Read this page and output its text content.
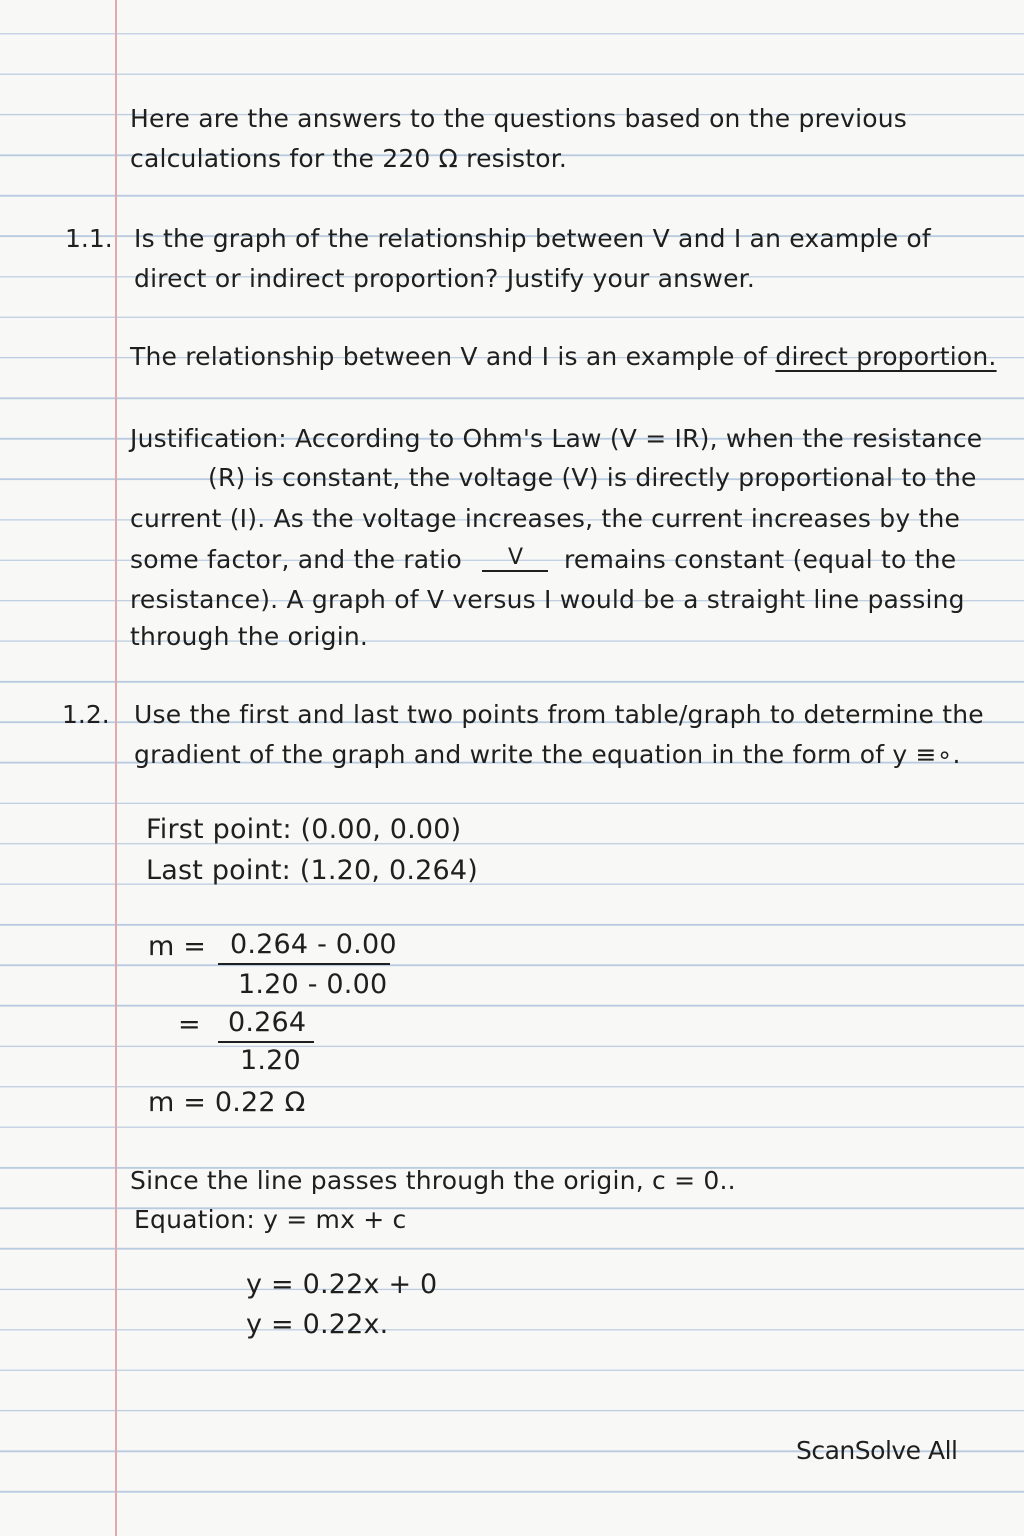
Here are the answers to the questions based on the previous
calculations for the 220 Ω resistor.
1.1. Is the graph of the relationship between V and I an example of
direct or indirect proportion? Justify your answer.
The relationship between V and I is an example of direct proportion.
Justification: According to Ohm's Law (V = IR), when the resistance
(R) is constant, the voltage (V) is directly proportional to the
current (I). As the voltage increases, the current increases by the
some factor, and the ratio V remains constant (equal to the
resistance). A graph of V versus I would be a straight line passing
through the origin.
1.2. Use the first and last two points from table/graph to determine the
gradient of the graph and write the equation in the form of y ≡∘.
First point: (0.00, 0.00)
Last point: (1.20, 0.264)
m = 0.264 - 0.00
1.20 - 0.00
= 0.264
1.20
m = 0.22 Ω
Since the line passes through the origin, c = 0..
Equation: y = mx + c
y = 0.22x + 0
y = 0.22x.
ScanSolve All
